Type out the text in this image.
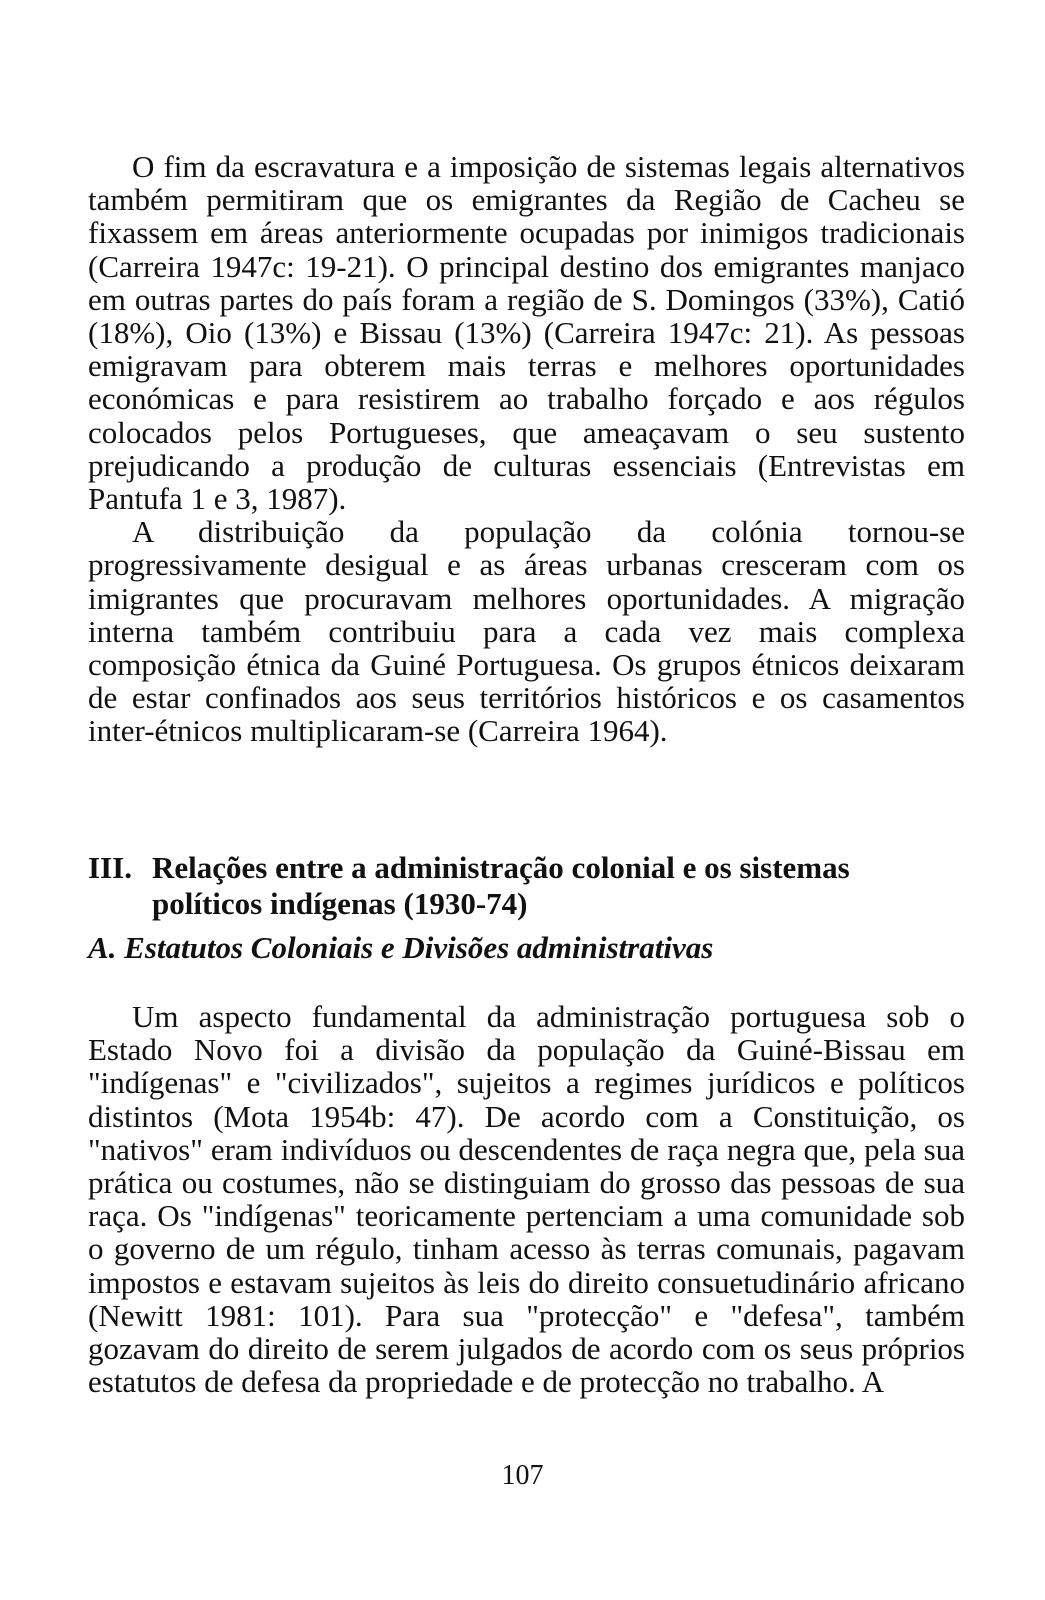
O fim da escravatura e a imposição de sistemas legais alternativos também permitiram que os emigrantes da Região de Cacheu se fixassem em áreas anteriormente ocupadas por inimigos tradicionais (Carreira 1947c: 19-21). O principal destino dos emigrantes manjaco em outras partes do país foram a região de S. Domingos (33%), Catió (18%), Oio (13%) e Bissau (13%) (Carreira 1947c: 21). As pessoas emigravam para obterem mais terras e melhores oportunidades económicas e para resistirem ao trabalho forçado e aos régulos colocados pelos Portugueses, que ameaçavam o seu sustento prejudicando a produção de culturas essenciais (Entrevistas em Pantufa 1 e 3, 1987).

A distribuição da população da colónia tornou-se progressivamente desigual e as áreas urbanas cresceram com os imigrantes que procuravam melhores oportunidades. A migração interna também contribuiu para a cada vez mais complexa composição étnica da Guiné Portuguesa. Os grupos étnicos deixaram de estar confinados aos seus territórios históricos e os casamentos inter-étnicos multiplicaram-se (Carreira 1964).

III. Relações entre a administração colonial e os sistemas
políticos indígenas (1930-74)
A. Estatutos Coloniais e Divisões administrativas

Um aspecto fundamental da administração portuguesa sob o Estado Novo foi a divisão da população da Guiné-Bissau em "indígenas" e "civilizados", sujeitos a regimes jurídicos e políticos distintos (Mota 1954b: 47). De acordo com a Constituição, os "nativos" eram indivíduos ou descendentes de raça negra que, pela sua prática ou costumes, não se distinguiam do grosso das pessoas de sua raça. Os "indígenas" teoricamente pertenciam a uma comunidade sob o governo de um régulo, tinham acesso às terras comunais, pagavam impostos e estavam sujeitos às leis do direito consuetudinário africano (Newitt 1981: 101). Para sua "protecção" e "defesa", também gozavam do direito de serem julgados de acordo com os seus próprios estatutos de defesa da propriedade e de protecção no trabalho. A

107
